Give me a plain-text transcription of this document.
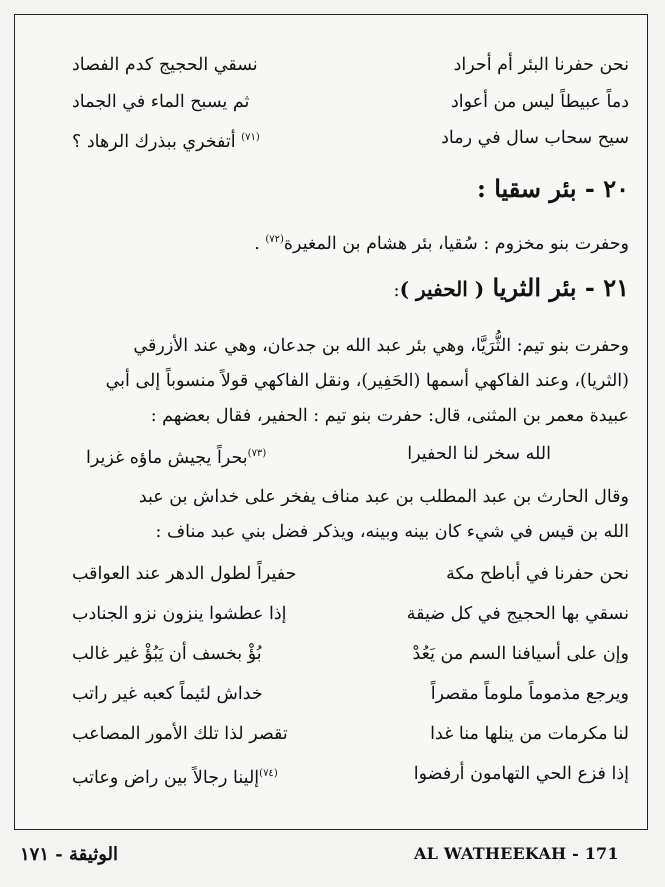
نحن حفرنا البئر أم أحراد
نسقي الحجيج كدم الفصاد
دماً عبيطاً ليس من أعواد
ثم يسبح الماء في الجماد
سيح سحاب سال في رماد
$^{(٧١)}$ أتفخري ببذرك الرهاد ؟
٢٠ - بئر سقيا :
وحفرت بنو مخزوم : سُقيا، بئر هشام بن المغيرة$^{(٧٢)}$ .
٢١ - بئر الثريا ( الحفير ):
وحفرت بنو تيم: الثُّرَيَّا، وهي بئر عبد الله بن جدعان، وهي عند الأزرقي
(الثريا)، وعند الفاكهي أسمها (الحَفِير)، ونقل الفاكهي قولاً منسوباً إلى أبي
عبيدة معمر بن المثنى، قال: حفرت بنو تيم : الحفير، فقال بعضهم :
الله سخر لنا الحفيرا
$^{(٧٣)}$بحراً يجيش ماؤه غزيرا
وقال الحارث بن عبد المطلب بن عبد مناف يفخر على خداش بن عبد
الله بن قيس في شيء كان بينه وبينه، ويذكر فضل بني عبد مناف :
نحن حفرنا في أباطح مكة
حفيراً لطول الدهر عند العواقب
نسقي بها الحجيج في كل ضيقة
إذا عطشوا ينزون نزو الجنادب
وإن على أسيافنا السم من يَعُدْ
بُؤْ بخسف أن يَبُؤْ غير غالب
ويرجع مذموماً ملوماً مقصراً
خداش لئيماً كعبه غير راتب
لنا مكرمات من ينلها منا غدا
تقصر لذا تلك الأمور المصاعب
إذا فزع الحي التهامون أرفضوا
$^{(٧٤)}$إلينا رجالاً بين راض وعاتب
AL WATHEEKAH - 171
الوثيقة - ١٧١
